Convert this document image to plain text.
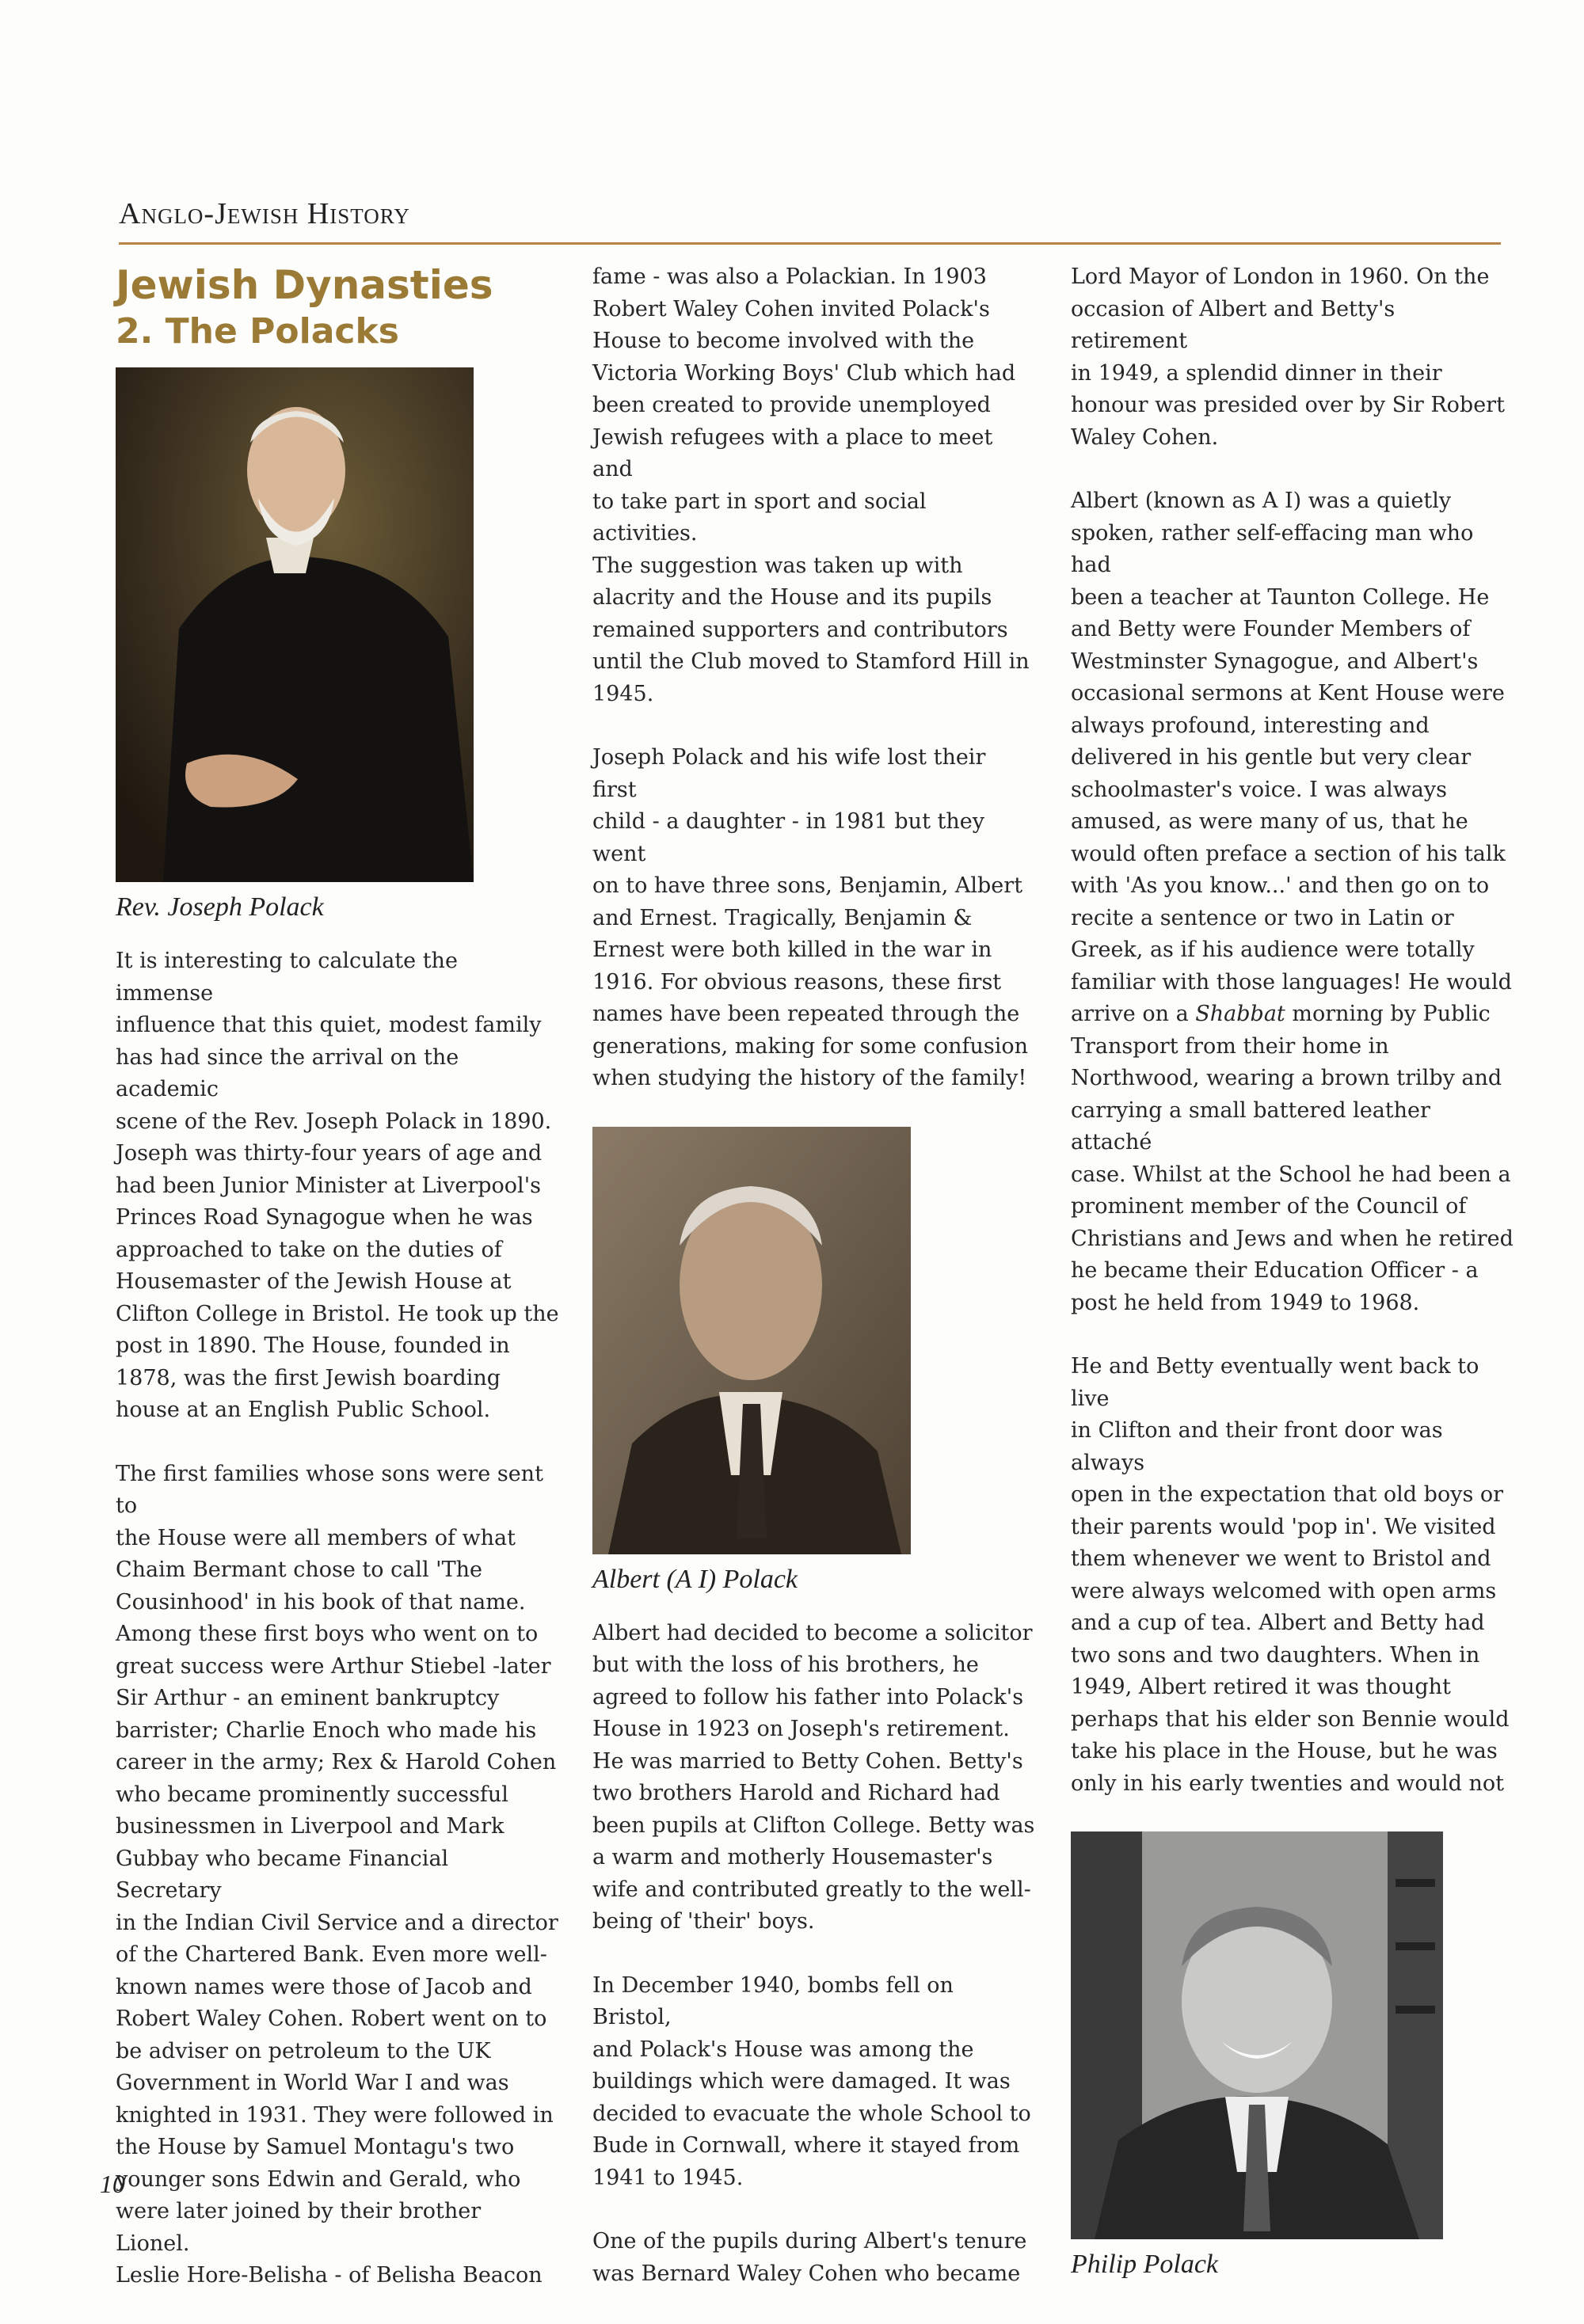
Anglo-Jewish History
Jewish Dynasties
2. The Polacks
Rev. Joseph Polack

It is interesting to calculate the immense
influence that this quiet, modest family
has had since the arrival on the academic
scene of the Rev. Joseph Polack in 1890.
Joseph was thirty-four years of age and
had been Junior Minister at Liverpool's
Princes Road Synagogue when he was
approached to take on the duties of
Housemaster of the Jewish House at
Clifton College in Bristol. He took up the
post in 1890. The House, founded in
1878, was the first Jewish boarding
house at an English Public School.

The first families whose sons were sent to
the House were all members of what
Chaim Bermant chose to call 'The
Cousinhood' in his book of that name.
Among these first boys who went on to
great success were Arthur Stiebel -later
Sir Arthur - an eminent bankruptcy
barrister; Charlie Enoch who made his
career in the army; Rex & Harold Cohen
who became prominently successful
businessmen in Liverpool and Mark
Gubbay who became Financial Secretary
in the Indian Civil Service and a director
of the Chartered Bank. Even more well-
known names were those of Jacob and
Robert Waley Cohen. Robert went on to
be adviser on petroleum to the UK
Government in World War I and was
knighted in 1931. They were followed in
the House by Samuel Montagu's two
younger sons Edwin and Gerald, who
were later joined by their brother Lionel.
Leslie Hore-Belisha - of Belisha Beacon

fame - was also a Polackian. In 1903
Robert Waley Cohen invited Polack's
House to become involved with the
Victoria Working Boys' Club which had
been created to provide unemployed
Jewish refugees with a place to meet and
to take part in sport and social activities.
The suggestion was taken up with
alacrity and the House and its pupils
remained supporters and contributors
until the Club moved to Stamford Hill in
1945.

Joseph Polack and his wife lost their first
child - a daughter - in 1981 but they went
on to have three sons, Benjamin, Albert
and Ernest. Tragically, Benjamin &
Ernest were both killed in the war in
1916. For obvious reasons, these first
names have been repeated through the
generations, making for some confusion
when studying the history of the family!

Albert (A I) Polack

Albert had decided to become a solicitor
but with the loss of his brothers, he
agreed to follow his father into Polack's
House in 1923 on Joseph's retirement.
He was married to Betty Cohen. Betty's
two brothers Harold and Richard had
been pupils at Clifton College. Betty was
a warm and motherly Housemaster's
wife and contributed greatly to the well-
being of 'their' boys.

In December 1940, bombs fell on Bristol,
and Polack's House was among the
buildings which were damaged. It was
decided to evacuate the whole School to
Bude in Cornwall, where it stayed from
1941 to 1945.

One of the pupils during Albert's tenure
was Bernard Waley Cohen who became

Lord Mayor of London in 1960. On the
occasion of Albert and Betty's retirement
in 1949, a splendid dinner in their
honour was presided over by Sir Robert
Waley Cohen.

Albert (known as A I) was a quietly
spoken, rather self-effacing man who had
been a teacher at Taunton College. He
and Betty were Founder Members of
Westminster Synagogue, and Albert's
occasional sermons at Kent House were
always profound, interesting and
delivered in his gentle but very clear
schoolmaster's voice. I was always
amused, as were many of us, that he
would often preface a section of his talk
with 'As you know...' and then go on to
recite a sentence or two in Latin or
Greek, as if his audience were totally
familiar with those languages! He would
arrive on a Shabbat morning by Public
Transport from their home in
Northwood, wearing a brown trilby and
carrying a small battered leather attaché
case. Whilst at the School he had been a
prominent member of the Council of
Christians and Jews and when he retired
he became their Education Officer - a
post he held from 1949 to 1968.

He and Betty eventually went back to live
in Clifton and their front door was always
open in the expectation that old boys or
their parents would 'pop in'. We visited
them whenever we went to Bristol and
were always welcomed with open arms
and a cup of tea. Albert and Betty had
two sons and two daughters. When in
1949, Albert retired it was thought
perhaps that his elder son Bennie would
take his place in the House, but he was
only in his early twenties and would not

Philip Polack
10
